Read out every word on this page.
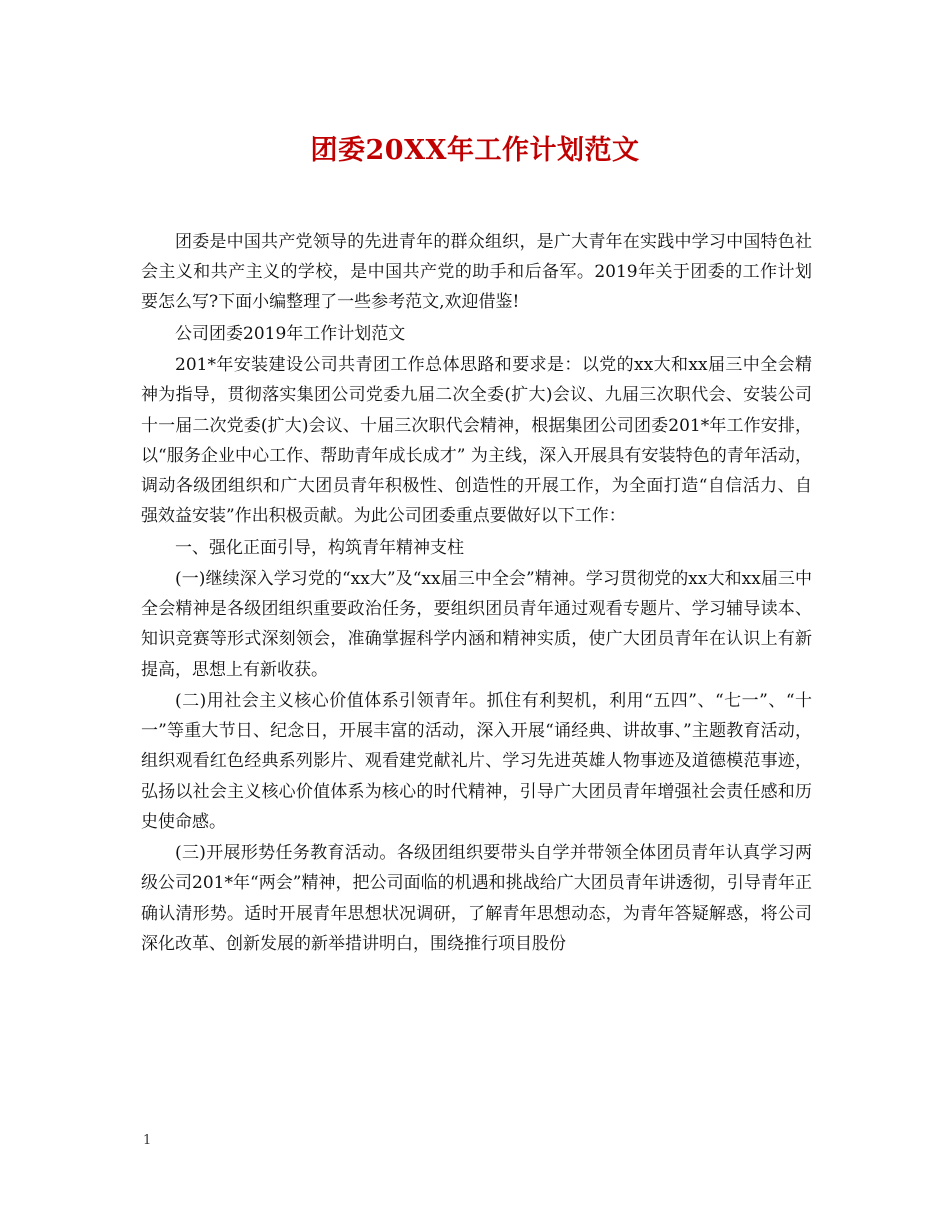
团委20XX年工作计划范文

团委是中国共产党领导的先进青年的群众组织，是广大青年在实践中学习中国特色社会主义和共产主义的学校，是中国共产党的助手和后备军。2019年关于团委的工作计划要怎么写?下面小编整理了一些参考范文,欢迎借鉴!

公司团委2019年工作计划范文

201*年安装建设公司共青团工作总体思路和要求是：以党的xx大和xx届三中全会精神为指导，贯彻落实集团公司党委九届二次全委(扩大)会议、九届三次职代会、安装公司十一届二次党委(扩大)会议、十届三次职代会精神，根据集团公司团委201*年工作安排，以“服务企业中心工作、帮助青年成长成才” 为主线，深入开展具有安装特色的青年活动，调动各级团组织和广大团员青年积极性、创造性的开展工作，为全面打造“自信活力、自强效益安装”作出积极贡献。为此公司团委重点要做好以下工作：

一、强化正面引导，构筑青年精神支柱

(一)继续深入学习党的“xx大”及“xx届三中全会”精神。学习贯彻党的xx大和xx届三中全会精神是各级团组织重要政治任务，要组织团员青年通过观看专题片、学习辅导读本、知识竞赛等形式深刻领会，准确掌握科学内涵和精神实质，使广大团员青年在认识上有新提高，思想上有新收获。

(二)用社会主义核心价值体系引领青年。抓住有利契机，利用“五四”、“七一”、“十一”等重大节日、纪念日，开展丰富的活动，深入开展“诵经典、讲故事、”主题教育活动，组织观看红色经典系列影片、观看建党献礼片、学习先进英雄人物事迹及道德模范事迹，弘扬以社会主义核心价值体系为核心的时代精神，引导广大团员青年增强社会责任感和历史使命感。

(三)开展形势任务教育活动。各级团组织要带头自学并带领全体团员青年认真学习两级公司201*年“两会”精神，把公司面临的机遇和挑战给广大团员青年讲透彻，引导青年正确认清形势。适时开展青年思想状况调研，了解青年思想动态，为青年答疑解惑，将公司深化改革、创新发展的新举措讲明白，围绕推行项目股份

1
